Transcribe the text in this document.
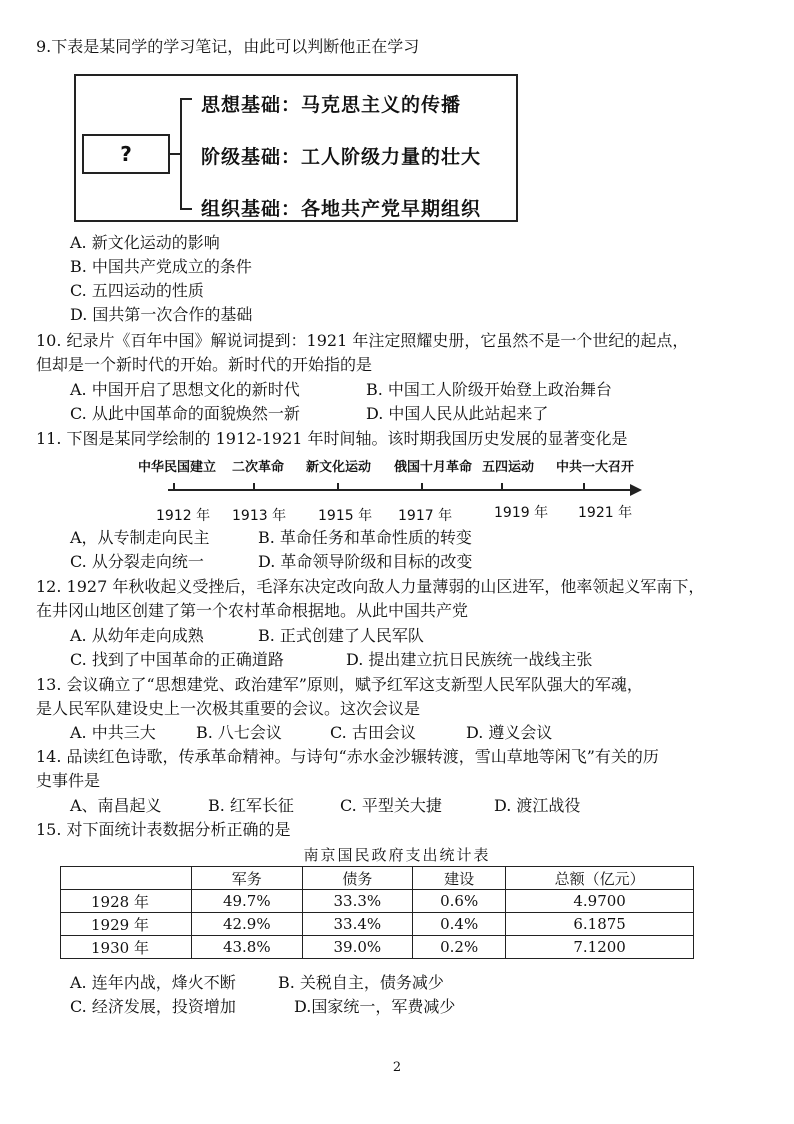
9.下表是某同学的学习笔记，由此可以判断他正在学习
?
思想基础：马克思主义的传播
阶级基础：工人阶级力量的壮大
组织基础：各地共产党早期组织
A. 新文化运动的影响
B. 中国共产党成立的条件
C. 五四运动的性质
D. 国共第一次合作的基础
10. 纪录片《百年中国》解说词提到：1921 年注定照耀史册，它虽然不是一个世纪的起点，
但却是一个新时代的开始。新时代的开始指的是
A. 中国开启了思想文化的新时代	B. 中国工人阶级开始登上政治舞台
C. 从此中国革命的面貌焕然一新	D. 中国人民从此站起来了
11. 下图是某同学绘制的 1912-1921 年时间轴。该时期我国历史发展的显著变化是
中华民国建立 二次革命 新文化运动 俄国十月革命 五四运动 中共一大召开
1912 年 1913 年 1915 年 1917 年	1919 年 1921 年
A，从专制走向民主	B. 革命任务和革命性质的转变
C. 从分裂走向统一	D. 革命领导阶级和目标的改变
12. 1927 年秋收起义受挫后，毛泽东决定改向敌人力量薄弱的山区进军，他率领起义军南下，
在井冈山地区创建了第一个农村革命根据地。从此中国共产党
A. 从幼年走向成熟	B. 正式创建了人民军队
C. 找到了中国革命的正确道路	D. 提出建立抗日民族统一战线主张
13. 会议确立了“思想建党、政治建军”原则，赋予红军这支新型人民军队强大的军魂，
是人民军队建设史上一次极其重要的会议。这次会议是
A. 中共三大	B. 八七会议	C. 古田会议	D. 遵义会议
14. 品读红色诗歌，传承革命精神。与诗句“赤水金沙辗转渡，雪山草地等闲飞”有关的历
史事件是
A、南昌起义	B. 红军长征	C. 平型关大捷	D. 渡江战役
15. 对下面统计表数据分析正确的是
南京国民政府支出统计表
	军务	债务	建设	总额（亿元）
1928 年	49.7%	33.3%	0.6%	4.9700
1929 年	42.9%	33.4%	0.4%	6.1875
1930 年	43.8%	39.0%	0.2%	7.1200
A. 连年内战，烽火不断	B. 关税自主，债务减少
C. 经济发展，投资增加	D.国家统一，军费减少
2
